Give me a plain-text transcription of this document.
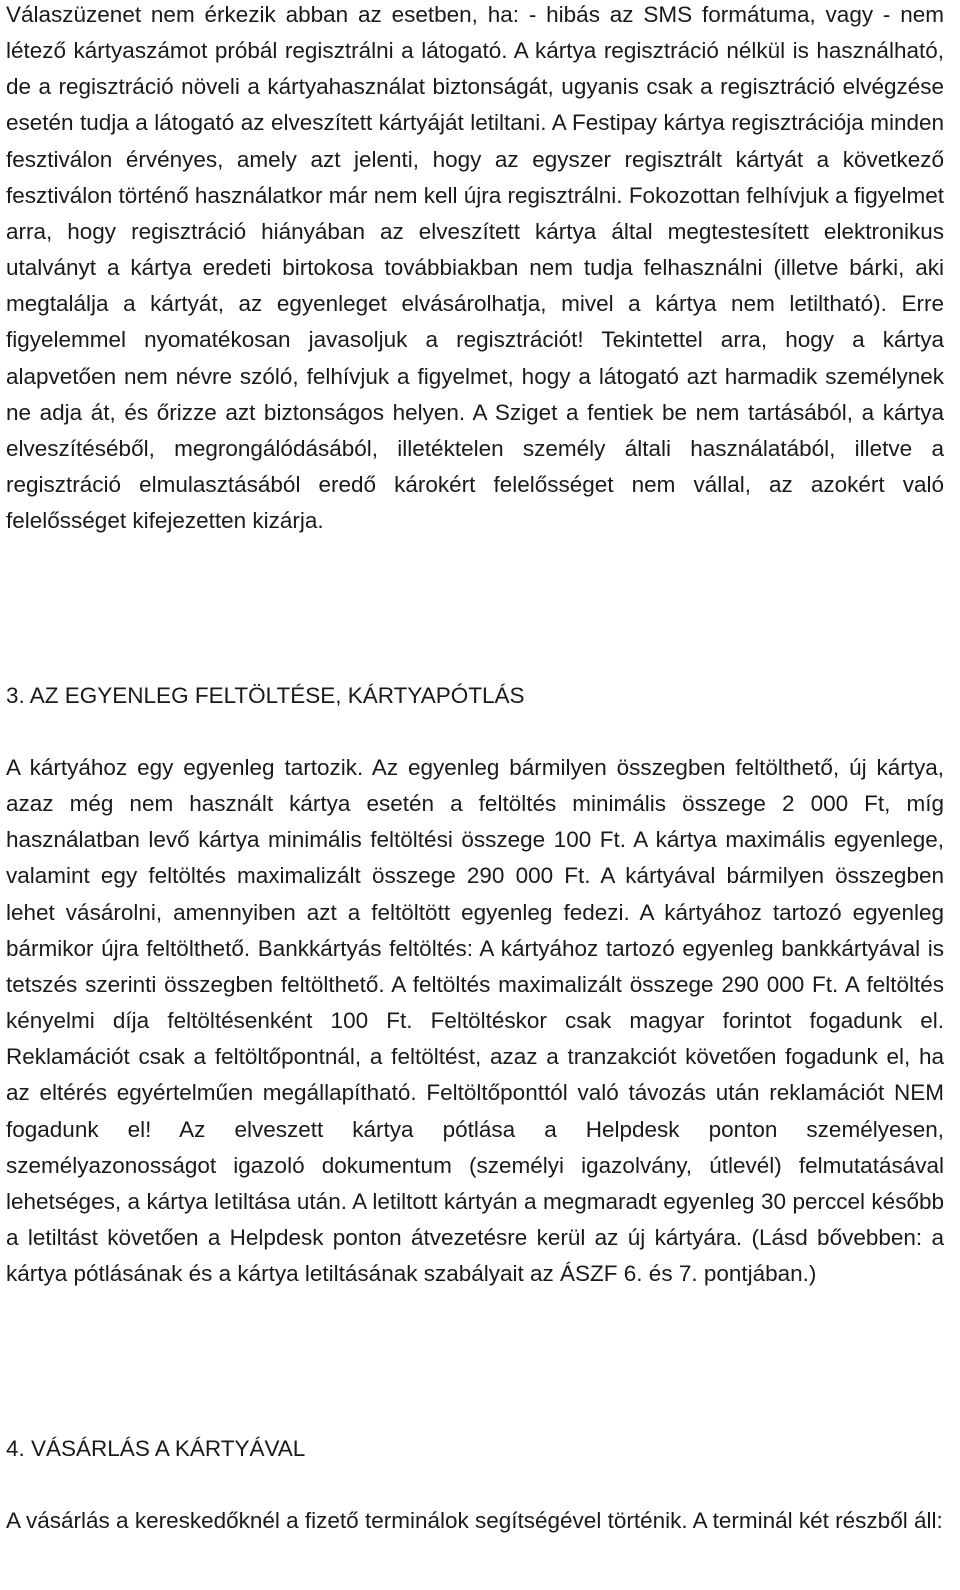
Válaszüzenet nem érkezik abban az esetben, ha: - hibás az SMS formátuma, vagy - nem létező kártyaszámot próbál regisztrálni a látogató. A kártya regisztráció nélkül is használható, de a regisztráció növeli a kártyahasználat biztonságát, ugyanis csak a regisztráció elvégzése esetén tudja a látogató az elveszített kártyáját letiltani. A Festipay kártya regisztrációja minden fesztiválon érvényes, amely azt jelenti, hogy az egyszer regisztrált kártyát a következő fesztiválon történő használatkor már nem kell újra regisztrálni. Fokozottan felhívjuk a figyelmet arra, hogy regisztráció hiányában az elveszített kártya által megtestesített elektronikus utalványt a kártya eredeti birtokosa továbbiakban nem tudja felhasználni (illetve bárki, aki megtalálja a kártyát, az egyenleget elvásárolhatja, mivel a kártya nem letiltható). Erre figyelemmel nyomatékosan javasoljuk a regisztrációt! Tekintettel arra, hogy a kártya alapvetően nem névre szóló, felhívjuk a figyelmet, hogy a látogató azt harmadik személynek ne adja át, és őrizze azt biztonságos helyen. A Sziget a fentiek be nem tartásából, a kártya elveszítéséből, megrongálódásából, illetéktelen személy általi használatából, illetve a regisztráció elmulasztásából eredő károkért felelősséget nem vállal, az azokért való felelősséget kifejezetten kizárja.

3. AZ EGYENLEG FELTÖLTÉSE, KÁRTYAPÓTLÁS

A kártyához egy egyenleg tartozik. Az egyenleg bármilyen összegben feltölthető, új kártya, azaz még nem használt kártya esetén a feltöltés minimális összege 2 000 Ft, míg használatban levő kártya minimális feltöltési összege 100 Ft. A kártya maximális egyenlege, valamint egy feltöltés maximalizált összege 290 000 Ft. A kártyával bármilyen összegben lehet vásárolni, amennyiben azt a feltöltött egyenleg fedezi. A kártyához tartozó egyenleg bármikor újra feltölthető. Bankkártyás feltöltés: A kártyához tartozó egyenleg bankkártyával is tetszés szerinti összegben feltölthető. A feltöltés maximalizált összege 290 000 Ft. A feltöltés kényelmi díja feltöltésenként 100 Ft. Feltöltéskor csak magyar forintot fogadunk el. Reklamációt csak a feltöltőpontnál, a feltöltést, azaz a tranzakciót követően fogadunk el, ha az eltérés egyértelműen megállapítható. Feltöltőponttól való távozás után reklamációt NEM fogadunk el! Az elveszett kártya pótlása a Helpdesk ponton személyesen, személyazonosságot igazoló dokumentum (személyi igazolvány, útlevél) felmutatásával lehetséges, a kártya letiltása után. A letiltott kártyán a megmaradt egyenleg 30 perccel később a letiltást követően a Helpdesk ponton átvezetésre kerül az új kártyára. (Lásd bővebben: a kártya pótlásának és a kártya letiltásának szabályait az ÁSZF 6. és 7. pontjában.)

4. VÁSÁRLÁS A KÁRTYÁVAL

A vásárlás a kereskedőknél a fizető terminálok segítségével történik. A terminál két részből áll:
